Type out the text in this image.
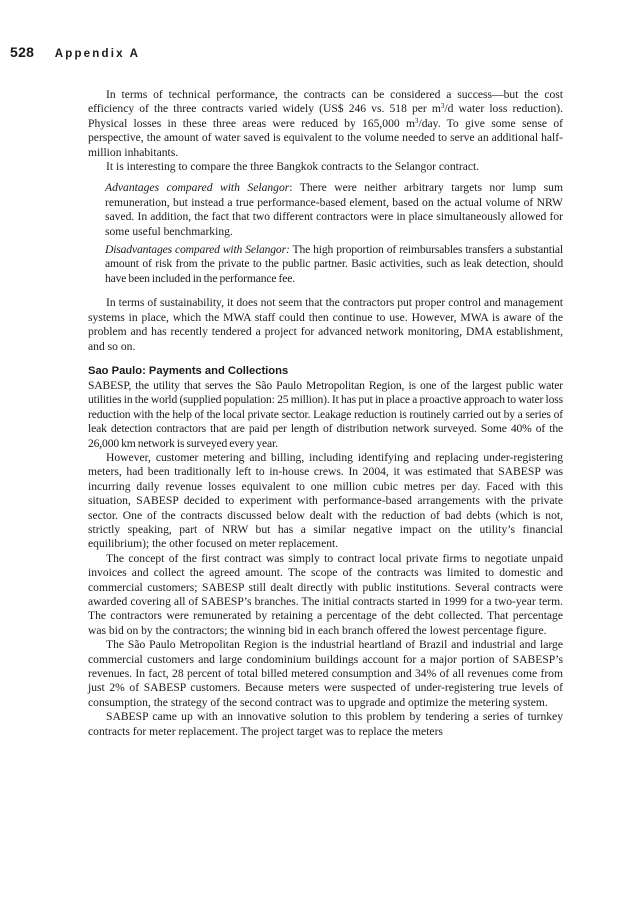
528 Appendix A

In terms of technical performance, the contracts can be considered a success—but the cost efficiency of the three contracts varied widely (US$ 246 vs. 518 per $m^3/d$ water loss reduction). Physical losses in these three areas were reduced by 165,000 $m^3$/day. To give some sense of perspective, the amount of water saved is equivalent to the volume needed to serve an additional half-million inhabitants.

It is interesting to compare the three Bangkok contracts to the Selangor contract.

Advantages compared with Selangor: There were neither arbitrary targets nor lump sum remuneration, but instead a true performance-based element, based on the actual volume of NRW saved. In addition, the fact that two different contractors were in place simultaneously allowed for some useful benchmarking.

Disadvantages compared with Selangor: The high proportion of reimbursables transfers a substantial amount of risk from the private to the public partner. Basic activities, such as leak detection, should have been included in the performance fee.

In terms of sustainability, it does not seem that the contractors put proper control and management systems in place, which the MWA staff could then continue to use. However, MWA is aware of the problem and has recently tendered a project for advanced network monitoring, DMA establishment, and so on.

Sao Paulo: Payments and Collections

SABESP, the utility that serves the São Paulo Metropolitan Region, is one of the largest public water utilities in the world (supplied population: 25 million). It has put in place a proactive approach to water loss reduction with the help of the local private sector. Leakage reduction is routinely carried out by a series of leak detection contractors that are paid per length of distribution network surveyed. Some 40% of the 26,000 km network is surveyed every year.

However, customer metering and billing, including identifying and replacing under-registering meters, had been traditionally left to in-house crews. In 2004, it was estimated that SABESP was incurring daily revenue losses equivalent to one million cubic metres per day. Faced with this situation, SABESP decided to experiment with performance-based arrangements with the private sector. One of the contracts discussed below dealt with the reduction of bad debts (which is not, strictly speaking, part of NRW but has a similar negative impact on the utility’s financial equilibrium); the other focused on meter replacement.

The concept of the first contract was simply to contract local private firms to negotiate unpaid invoices and collect the agreed amount. The scope of the contracts was limited to domestic and commercial customers; SABESP still dealt directly with public institutions. Several contracts were awarded covering all of SABESP’s branches. The initial contracts started in 1999 for a two-year term. The contractors were remunerated by retaining a percentage of the debt collected. That percentage was bid on by the contractors; the winning bid in each branch offered the lowest percentage figure.

The São Paulo Metropolitan Region is the industrial heartland of Brazil and industrial and large commercial customers and large condominium buildings account for a major portion of SABESP’s revenues. In fact, 28 percent of total billed metered consumption and 34% of all revenues come from just 2% of SABESP customers. Because meters were suspected of under-registering true levels of consumption, the strategy of the second contract was to upgrade and optimize the metering system.

SABESP came up with an innovative solution to this problem by tendering a series of turnkey contracts for meter replacement. The project target was to replace the meters
